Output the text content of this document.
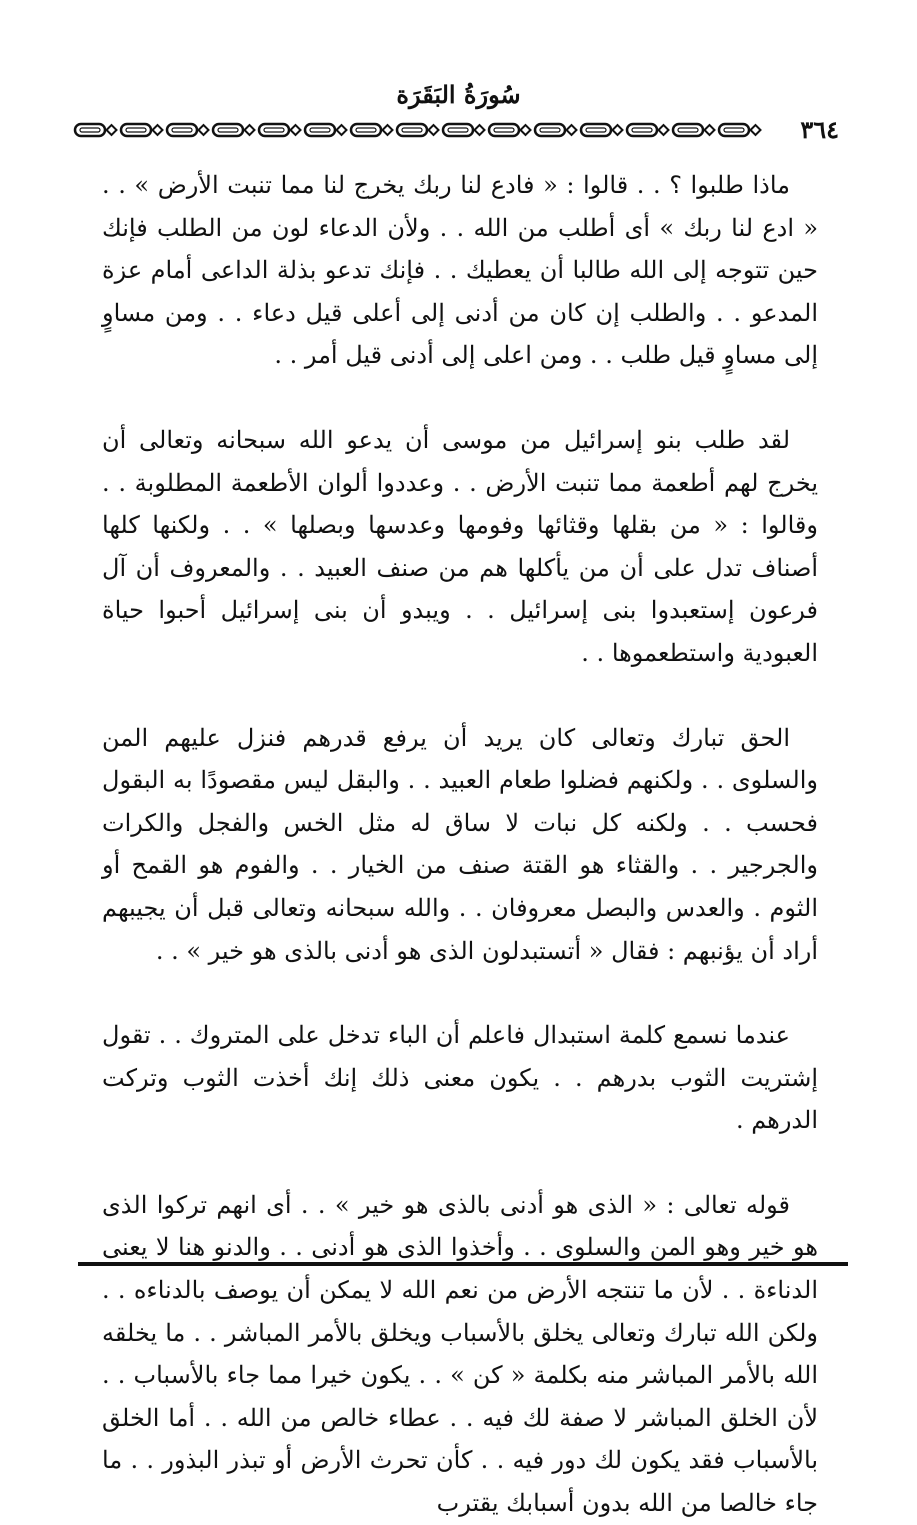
سُورَةُ البَقَرَة
٣٦٤

ماذا طلبوا ؟ . . قالوا : « فادع لنا ربك يخرج لنا مما تنبت الأرض » . . « ادع لنا ربك » أى أطلب من الله . . ولأن الدعاء لون من الطلب فإنك حين تتوجه إلى الله طالبا أن يعطيك . . فإنك تدعو بذلة الداعى أمام عزة المدعو . . والطلب إن كان من أدنى إلى أعلى قيل دعاء . . ومن مساوٍ إلى مساوٍ قيل طلب . . ومن اعلى إلى أدنى قيل أمر . .

لقد طلب بنو إسرائيل من موسى أن يدعو الله سبحانه وتعالى أن يخرج لهم أطعمة مما تنبت الأرض . . وعددوا ألوان الأطعمة المطلوبة . . وقالوا : « من بقلها وقثائها وفومها وعدسها وبصلها » . . ولكنها كلها أصناف تدل على أن من يأكلها هم من صنف العبيد . . والمعروف أن آل فرعون إستعبدوا بنى إسرائيل . . ويبدو أن بنى إسرائيل أحبوا حياة العبودية واستطعموها . .

الحق تبارك وتعالى كان يريد أن يرفع قدرهم فنزل عليهم المن والسلوى . . ولكنهم فضلوا طعام العبيد . . والبقل ليس مقصودًا به البقول فحسب . . ولكنه كل نبات لا ساق له مثل الخس والفجل والكرات والجرجير . . والقثاء هو القتة صنف من الخيار . . والفوم هو القمح أو الثوم . والعدس والبصل معروفان . . والله سبحانه وتعالى قبل أن يجيبهم أراد أن يؤنبهم : فقال « أتستبدلون الذى هو أدنى بالذى هو خير » . .

عندما نسمع كلمة استبدال فاعلم أن الباء تدخل على المتروك . . تقول إشتريت الثوب بدرهم . . يكون معنى ذلك إنك أخذت الثوب وتركت الدرهم .

قوله تعالى : « الذى هو أدنى بالذى هو خير » . . أى انهم تركوا الذى هو خير وهو المن والسلوى . . وأخذوا الذى هو أدنى . . والدنو هنا لا يعنى الدناءة . . لأن ما تنتجه الأرض من نعم الله لا يمكن أن يوصف بالدناءه . . ولكن الله تبارك وتعالى يخلق بالأسباب ويخلق بالأمر المباشر . . ما يخلقه الله بالأمر المباشر منه بكلمة « كن » . . يكون خيرا مما جاء بالأسباب . . لأن الخلق المباشر لا صفة لك فيه . . عطاء خالص من الله . . أما الخلق بالأسباب فقد يكون لك دور فيه . . كأن تحرث الأرض أو تبذر البذور . . ما جاء خالصا من الله بدون أسبابك يقترب
